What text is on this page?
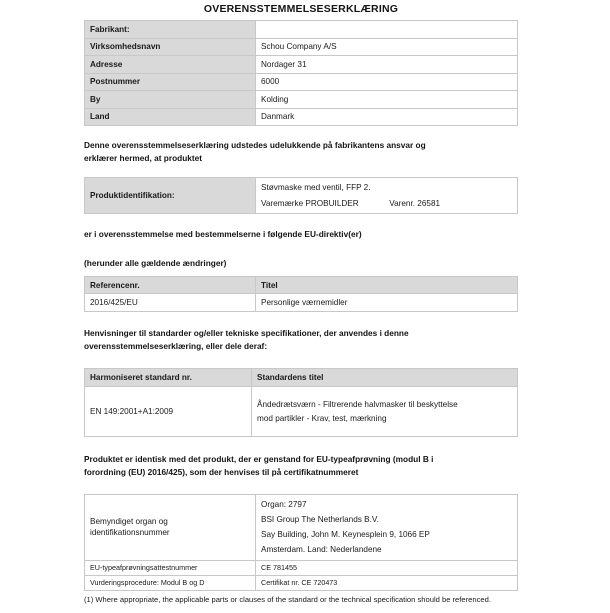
OVERENSSTEMMELSESERKLÆRING
Fabrikant:	
Virksomhedsnavn	Schou Company A/S
Adresse	Nordager 31
Postnummer	6000
By	Kolding
Land	Danmark

Denne overensstemmelseserklæring udstedes udelukkende på fabrikantens ansvar og
erklærer hermed, at produktet

Produktidentifikation:	
Støvmaske med ventil, FFP 2.
Varemærke PROBUILDER	Varenr. 26581

er i overensstemmelse med bestemmelserne i følgende EU-direktiv(er)

(herunder alle gældende ændringer)

Referencenr.	Titel
2016/425/EU	Personlige værnemidler

Henvisninger til standarder og/eller tekniske specifikationer, der anvendes i denne
overensstemmelseserklæring, eller dele deraf:

Harmoniseret standard nr.	Standardens titel
EN 149:2001+A1:2009	Åndedrætsværn - Filtrerende halvmasker til beskyttelse
mod partikler - Krav, test, mærkning

Produktet er identisk med det produkt, der er genstand for EU-typeafprøvning (modul B i
forordning (EU) 2016/425), som der henvises til på certifikatnummeret

Bemyndiget organ og
identifikationsnummer

Organ: 2797
BSI Group The Netherlands B.V.
Say Building, John M. Keynesplein 9, 1066 EP
Amsterdam. Land: Nederlandene

EU-typeafprøvningsattestnummer	CE 781455
Vurderingsprocedure: Modul B og D	Certifikat nr. CE 720473

(1) Where appropriate, the applicable parts or clauses of the standard or the technical specification should be referenced.
